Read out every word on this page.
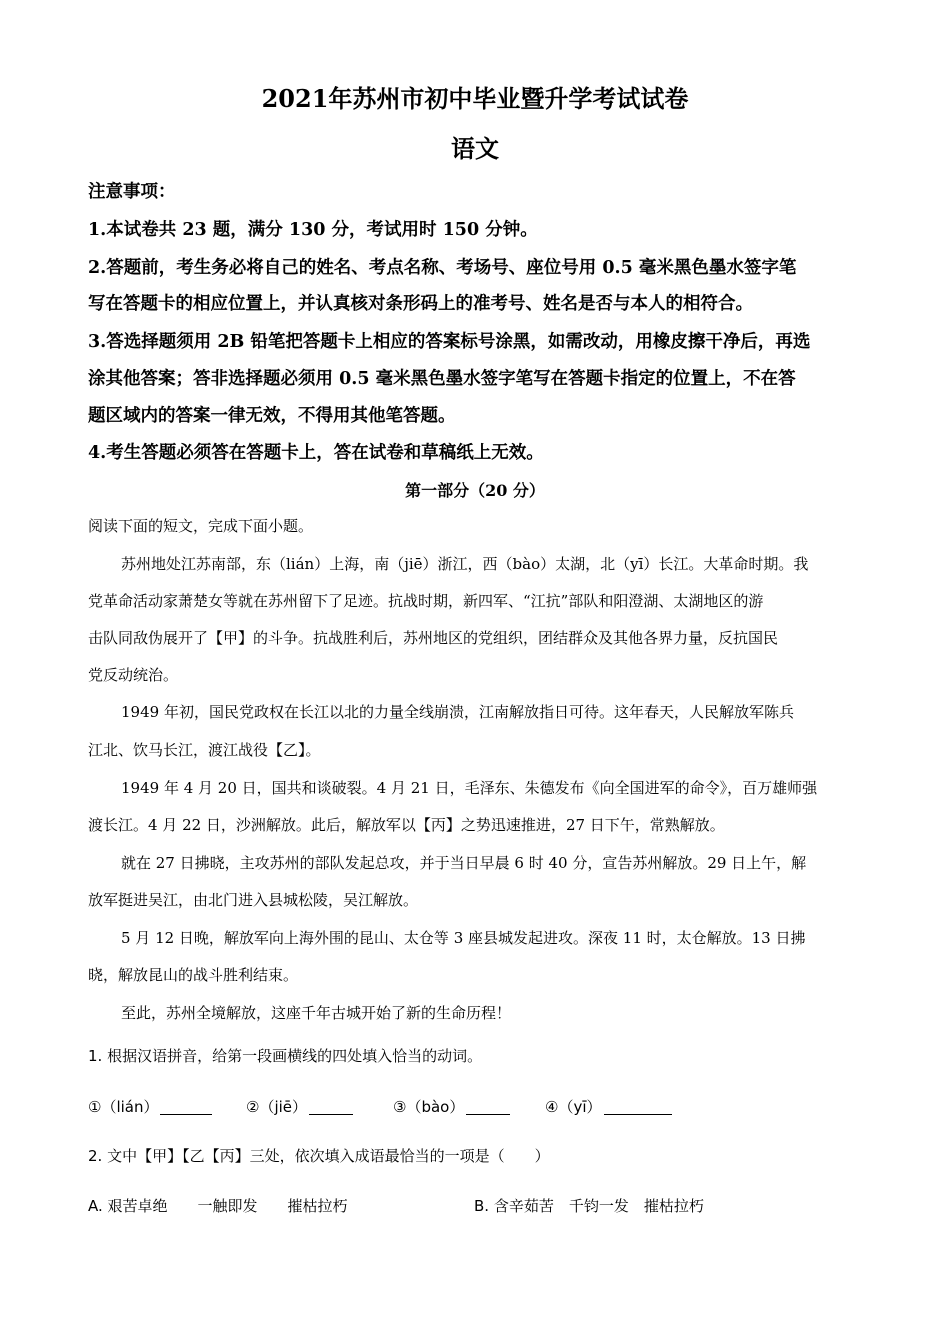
2021年苏州市初中毕业暨升学考试试卷
语文
注意事项：
1.本试卷共 23 题，满分 130 分，考试用时 150 分钟。
2.答题前，考生务必将自己的姓名、考点名称、考场号、座位号用 0.5 毫米黑色墨水签字笔
写在答题卡的相应位置上，并认真核对条形码上的准考号、姓名是否与本人的相符合。
3.答选择题须用 2B 铅笔把答题卡上相应的答案标号涂黑，如需改动，用橡皮擦干净后，再选
涂其他答案；答非选择题必须用 0.5 毫米黑色墨水签字笔写在答题卡指定的位置上，不在答
题区域内的答案一律无效，不得用其他笔答题。
4.考生答题必须答在答题卡上，答在试卷和草稿纸上无效。
第一部分（20 分）
阅读下面的短文，完成下面小题。
苏州地处江苏南部，东（lián）上海，南（jiē）浙江，西（bào）太湖，北（yī）长江。大革命时期。我
党革命活动家萧楚女等就在苏州留下了足迹。抗战时期，新四军、“江抗”部队和阳澄湖、太湖地区的游
击队同敌伪展开了【甲】的斗争。抗战胜利后，苏州地区的党组织，团结群众及其他各界力量，反抗国民
党反动统治。
1949 年初，国民党政权在长江以北的力量全线崩溃，江南解放指日可待。这年春天，人民解放军陈兵
江北、饮马长江，渡江战役【乙】。
1949 年 4 月 20 日，国共和谈破裂。4 月 21 日，毛泽东、朱德发布《向全国进军的命令》，百万雄师强
渡长江。4 月 22 日，沙洲解放。此后，解放军以【丙】之势迅速推进，27 日下午，常熟解放。
就在 27 日拂晓，主攻苏州的部队发起总攻，并于当日早晨 6 时 40 分，宣告苏州解放。29 日上午，解
放军挺进吴江，由北门进入县城松陵，吴江解放。
5 月 12 日晚，解放军向上海外围的昆山、太仓等 3 座县城发起进攻。深夜 11 时，太仓解放。13 日拂
晓，解放昆山的战斗胜利结束。
至此，苏州全境解放，这座千年古城开始了新的生命历程！
1. 根据汉语拼音，给第一段画横线的四处填入恰当的动词。
①（lián）	②（jiē）	③（bào）	④（yī）
2. 文中【甲】【乙【丙】三处，依次填入成语最恰当的一项是（　　）
A. 艰苦卓绝　　一触即发　　摧枯拉朽	B. 含辛茹苦　千钧一发　摧枯拉朽
